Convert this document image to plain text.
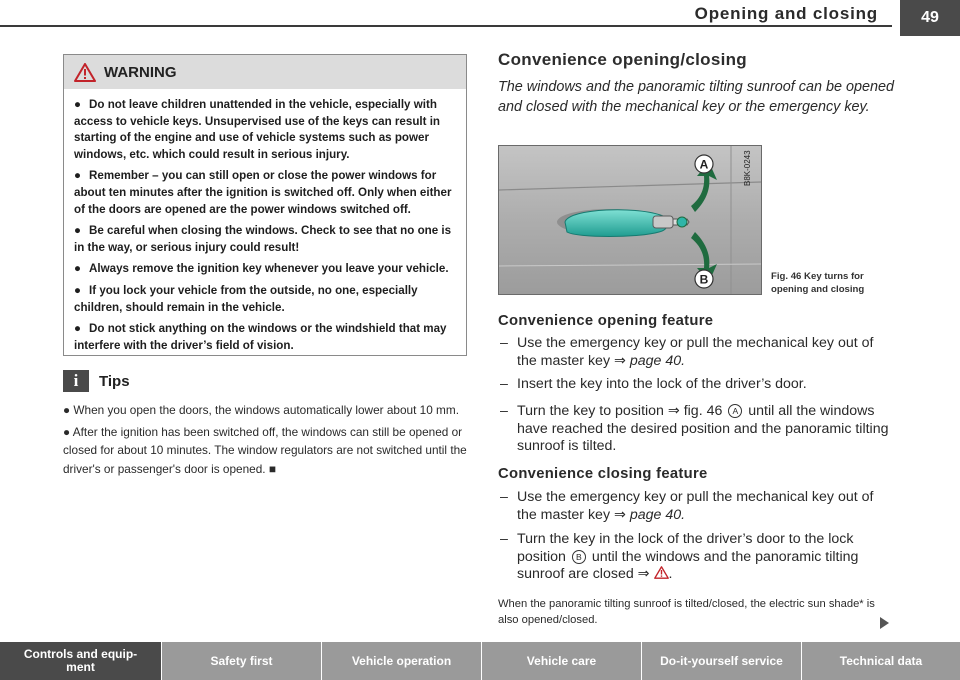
Opening and closing	49
WARNING
● Do not leave children unattended in the vehicle, especially with access to vehicle keys. Unsupervised use of the keys can result in starting of the engine and use of vehicle systems such as power windows, etc. which could result in serious injury.
● Remember – you can still open or close the power windows for about ten minutes after the ignition is switched off. Only when either of the doors are opened are the power windows switched off.
● Be careful when closing the windows. Check to see that no one is in the way, or serious injury could result!
● Always remove the ignition key whenever you leave your vehicle.
● If you lock your vehicle from the outside, no one, especially children, should remain in the vehicle.
● Do not stick anything on the windows or the windshield that may interfere with the driver’s field of vision.
i	Tips
● When you open the doors, the windows automatically lower about 10 mm.
● After the ignition has been switched off, the windows can still be opened or closed for about 10 minutes. The window regulators are not switched until the driver's or passenger's door is opened. ■
Convenience opening/closing
The windows and the panoramic tilting sunroof can be opened and closed with the mechanical key or the emergency key.
A
B
B8K-0243
Fig. 46 Key turns for opening and closing
Convenience opening feature
– Use the emergency key or pull the mechanical key out of the master key ⇒ page 40.
– Insert the key into the lock of the driver’s door.
– Turn the key to position ⇒ fig. 46 A until all the windows have reached the desired position and the panoramic tilting sunroof is tilted.
Convenience closing feature
– Use the emergency key or pull the mechanical key out of the master key ⇒ page 40.
– Turn the key in the lock of the driver’s door to the lock position B until the windows and the panoramic tilting sunroof are closed ⇒ .
When the panoramic tilting sunroof is tilted/closed, the electric sun shade* is also opened/closed.
Controls and equip-
ment	Safety first	Vehicle operation	Vehicle care	Do-it-yourself service	Technical data
